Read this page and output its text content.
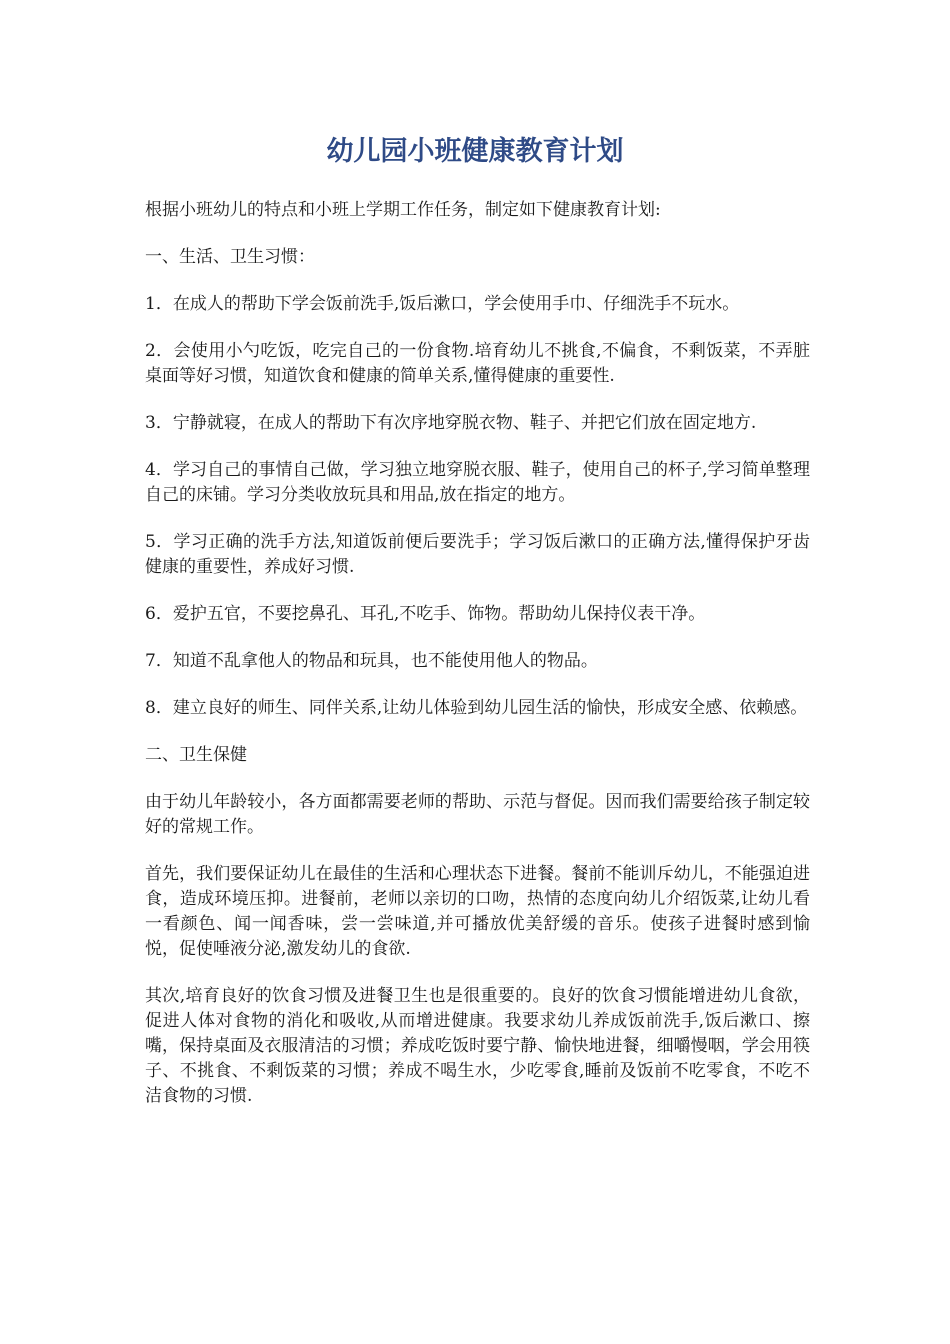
幼儿园小班健康教育计划

根据小班幼儿的特点和小班上学期工作任务，制定如下健康教育计划:

一、生活、卫生习惯：

1．在成人的帮助下学会饭前洗手,饭后漱口，学会使用手巾、仔细洗手不玩水。

2．会使用小勺吃饭，吃完自己的一份食物.培育幼儿不挑食,不偏食，不剩饭菜，不弄脏桌面等好习惯，知道饮食和健康的简单关系,懂得健康的重要性.

3．宁静就寝，在成人的帮助下有次序地穿脱衣物、鞋子、并把它们放在固定地方.

4．学习自己的事情自己做，学习独立地穿脱衣服、鞋子，使用自己的杯子,学习简单整理自己的床铺。学习分类收放玩具和用品,放在指定的地方。

5．学习正确的洗手方法,知道饭前便后要洗手；学习饭后漱口的正确方法,懂得保护牙齿健康的重要性，养成好习惯.

6．爱护五官，不要挖鼻孔、耳孔,不吃手、饰物。帮助幼儿保持仪表干净。

7．知道不乱拿他人的物品和玩具，也不能使用他人的物品。

8．建立良好的师生、同伴关系,让幼儿体验到幼儿园生活的愉快，形成安全感、依赖感。

二、卫生保健

由于幼儿年龄较小，各方面都需要老师的帮助、示范与督促。因而我们需要给孩子制定较好的常规工作。

首先，我们要保证幼儿在最佳的生活和心理状态下进餐。餐前不能训斥幼儿，不能强迫进食，造成环境压抑。进餐前，老师以亲切的口吻，热情的态度向幼儿介绍饭菜,让幼儿看一看颜色、闻一闻香味，尝一尝味道,并可播放优美舒缓的音乐。使孩子进餐时感到愉悦，促使唾液分泌,激发幼儿的食欲.

其次,培育良好的饮食习惯及进餐卫生也是很重要的。良好的饮食习惯能增进幼儿食欲，促进人体对食物的消化和吸收,从而增进健康。我要求幼儿养成饭前洗手,饭后漱口、擦嘴，保持桌面及衣服清洁的习惯；养成吃饭时要宁静、愉快地进餐，细嚼慢咽，学会用筷子、不挑食、不剩饭菜的习惯；养成不喝生水，少吃零食,睡前及饭前不吃零食，不吃不洁食物的习惯.
